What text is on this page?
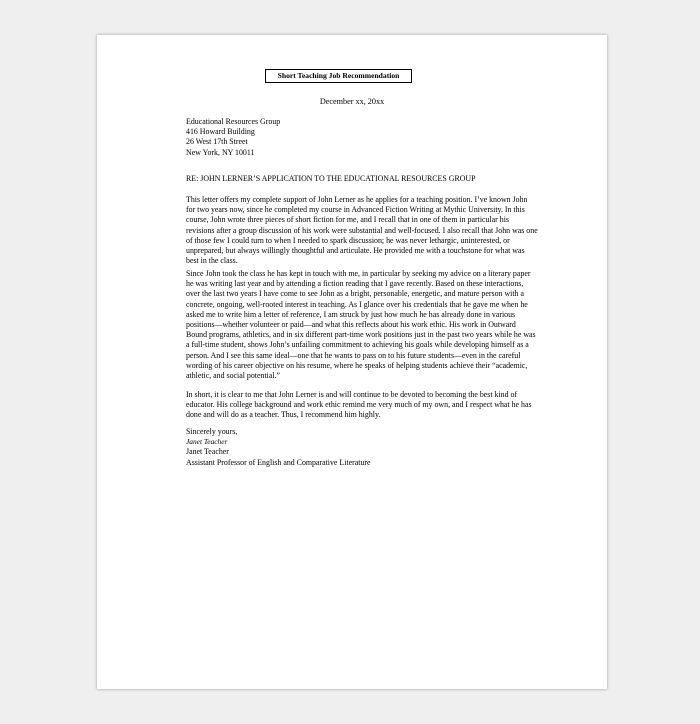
Short Teaching Job Recommendation
December xx, 20xx
Educational Resources Group
416 Howard Building
26 West 17th Street
New York, NY 10011
RE: JOHN LERNER’S APPLICATION TO THE EDUCATIONAL RESOURCES GROUP

This letter offers my complete support of John Lerner as he applies for a teaching position. I’ve known John for two years now, since he completed my course in Advanced Fiction Writing at Mythic University. In this course, John wrote three pieces of short fiction for me, and I recall that in one of them in particular his revisions after a group discussion of his work were substantial and well-focused. I also recall that John was one of those few I could turn to when I needed to spark discussion; he was never lethargic, uninterested, or unprepared, but always willingly thoughtful and articulate. He provided me with a touchstone for what was best in the class.

Since John took the class he has kept in touch with me, in particular by seeking my advice on a literary paper he was writing last year and by attending a fiction reading that I gave recently. Based on these interactions, over the last two years I have come to see John as a bright, personable, energetic, and mature person with a concrete, ongoing, well-rooted interest in teaching. As I glance over his credentials that he gave me when he asked me to write him a letter of reference, I am struck by just how much he has already done in various positions—whether volunteer or paid—and what this reflects about his work ethic. His work in Outward Bound programs, athletics, and in six different part-time work positions just in the past two years while he was a full-time student, shows John’s unfailing commitment to achieving his goals while developing himself as a person. And I see this same ideal—one that he wants to pass on to his future students—even in the careful wording of his career objective on his resume, where he speaks of helping students achieve their “academic, athletic, and social potential.”

In short, it is clear to me that John Lerner is and will continue to be devoted to becoming the best kind of educator. His college background and work ethic remind me very much of my own, and I respect what he has done and will do as a teacher. Thus, I recommend him highly.

Sincerely yours,
Janet Teacher
Janet Teacher
Assistant Professor of English and Comparative Literature
